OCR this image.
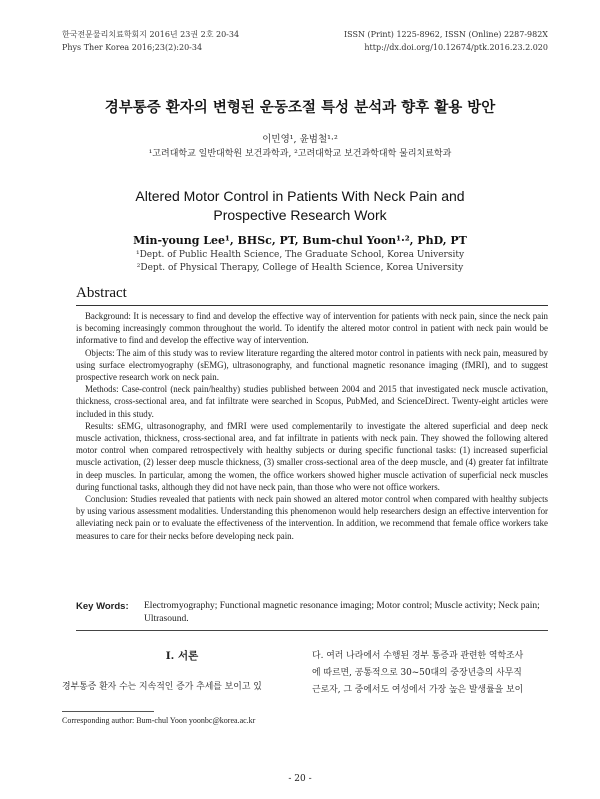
한국전문물리치료학회지 2016년 23권 2호 20-34
Phys Ther Korea 2016;23(2):20-34
ISSN (Print) 1225-8962, ISSN (Online) 2287-982X
http://dx.doi.org/10.12674/ptk.2016.23.2.020
경부통증 환자의 변형된 운동조절 특성 분석과 향후 활용 방안
이민영¹, 윤범철¹·²
¹고려대학교 일반대학원 보건과학과, ²고려대학교 보건과학대학 물리치료학과
Altered Motor Control in Patients With Neck Pain and
Prospective Research Work
Min-young Lee¹, BHSc, PT, Bum-chul Yoon¹·², PhD, PT
¹Dept. of Public Health Science, The Graduate School, Korea University
²Dept. of Physical Therapy, College of Health Science, Korea University
Abstract

Background: It is necessary to find and develop the effective way of intervention for patients with neck pain, since the neck pain is becoming increasingly common throughout the world. To identify the altered motor control in patient with neck pain would be informative to find and develop the effective way of intervention.

Objects: The aim of this study was to review literature regarding the altered motor control in patients with neck pain, measured by using surface electromyography (sEMG), ultrasonography, and functional magnetic resonance imaging (fMRI), and to suggest prospective research work on neck pain.

Methods: Case-control (neck pain/healthy) studies published between 2004 and 2015 that investigated neck muscle activation, thickness, cross-sectional area, and fat infiltrate were searched in Scopus, PubMed, and ScienceDirect. Twenty-eight articles were included in this study.

Results: sEMG, ultrasonography, and fMRI were used complementarily to investigate the altered superficial and deep neck muscle activation, thickness, cross-sectional area, and fat infiltrate in patients with neck pain. They showed the following altered motor control when compared retrospectively with healthy subjects or during specific functional tasks: (1) increased superficial muscle activation, (2) lesser deep muscle thickness, (3) smaller cross-sectional area of the deep muscle, and (4) greater fat infiltrate in deep muscles. In particular, among the women, the office workers showed higher muscle activation of superficial neck muscles during functional tasks, although they did not have neck pain, than those who were not office workers.

Conclusion: Studies revealed that patients with neck pain showed an altered motor control when compared with healthy subjects by using various assessment modalities. Understanding this phenomenon would help researchers design an effective intervention for alleviating neck pain or to evaluate the effectiveness of the intervention. In addition, we recommend that female office workers take measures to care for their necks before developing neck pain.

Key Words: Electromyography; Functional magnetic resonance imaging; Motor control; Muscle activity; Neck pain; Ultrasound.
Ⅰ. 서론
경부통증 환자 수는 지속적인 증가 추세를 보이고 있
다. 여러 나라에서 수행된 경부 통증과 관련한 역학조사
에 따르면, 공통적으로 30~50대의 중장년층의 사무직
근로자, 그 중에서도 여성에서 가장 높은 발생률을 보이
Corresponding author: Bum-chul Yoon yoonbc@korea.ac.kr
- 20 -
